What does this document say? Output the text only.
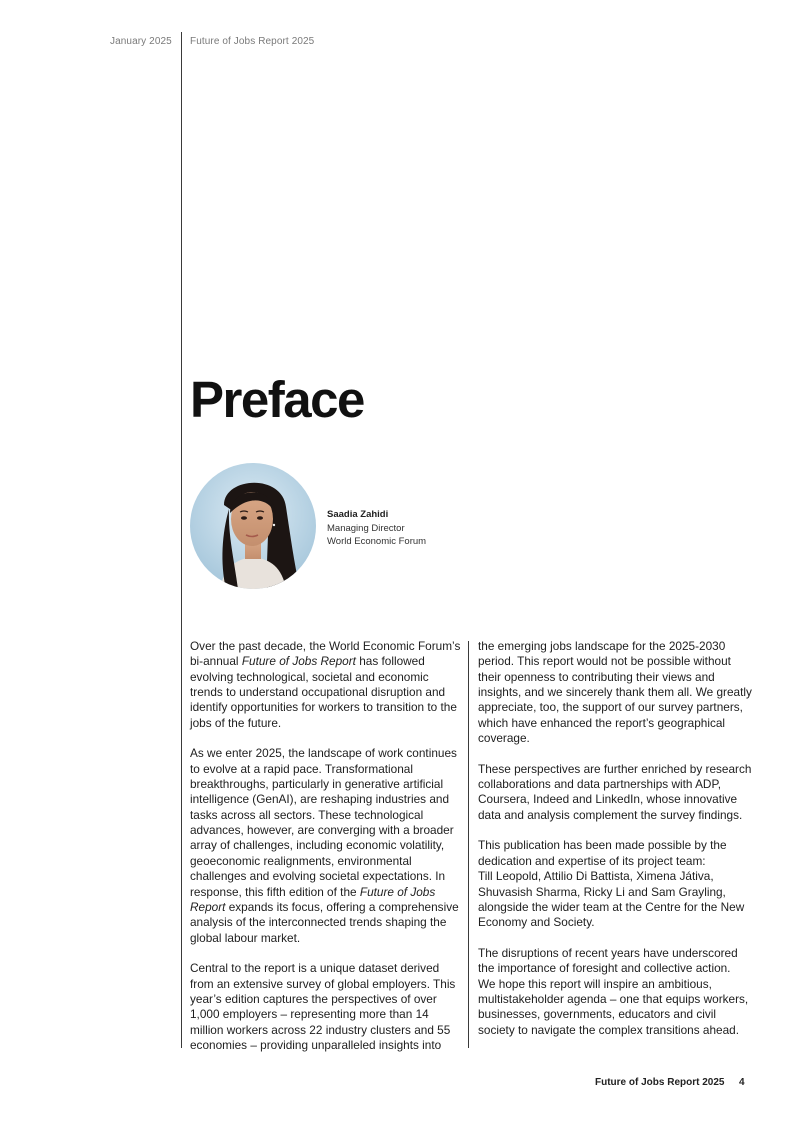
January 2025 Future of Jobs Report 2025
Preface
Saadia Zahidi
Managing Director
World Economic Forum

Over the past decade, the World Economic Forum’s
bi-annual Future of Jobs Report has followed
evolving technological, societal and economic
trends to understand occupational disruption and
identify opportunities for workers to transition to the
jobs of the future.

As we enter 2025, the landscape of work continues
to evolve at a rapid pace. Transformational
breakthroughs, particularly in generative artificial
intelligence (GenAI), are reshaping industries and
tasks across all sectors. These technological
advances, however, are converging with a broader
array of challenges, including economic volatility,
geoeconomic realignments, environmental
challenges and evolving societal expectations. In
response, this fifth edition of the Future of Jobs
Report expands its focus, offering a comprehensive
analysis of the interconnected trends shaping the
global labour market.

Central to the report is a unique dataset derived
from an extensive survey of global employers. This
year’s edition captures the perspectives of over
1,000 employers – representing more than 14
million workers across 22 industry clusters and 55
economies – providing unparalleled insights into

the emerging jobs landscape for the 2025-2030
period. This report would not be possible without
their openness to contributing their views and
insights, and we sincerely thank them all. We greatly
appreciate, too, the support of our survey partners,
which have enhanced the report’s geographical
coverage.

These perspectives are further enriched by research
collaborations and data partnerships with ADP,
Coursera, Indeed and LinkedIn, whose innovative
data and analysis complement the survey findings.

This publication has been made possible by the
dedication and expertise of its project team:
Till Leopold, Attilio Di Battista, Ximena Játiva,
Shuvasish Sharma, Ricky Li and Sam Grayling,
alongside the wider team at the Centre for the New
Economy and Society.

The disruptions of recent years have underscored
the importance of foresight and collective action.
We hope this report will inspire an ambitious,
multistakeholder agenda – one that equips workers,
businesses, governments, educators and civil
society to navigate the complex transitions ahead.

Future of Jobs Report 2025 4
